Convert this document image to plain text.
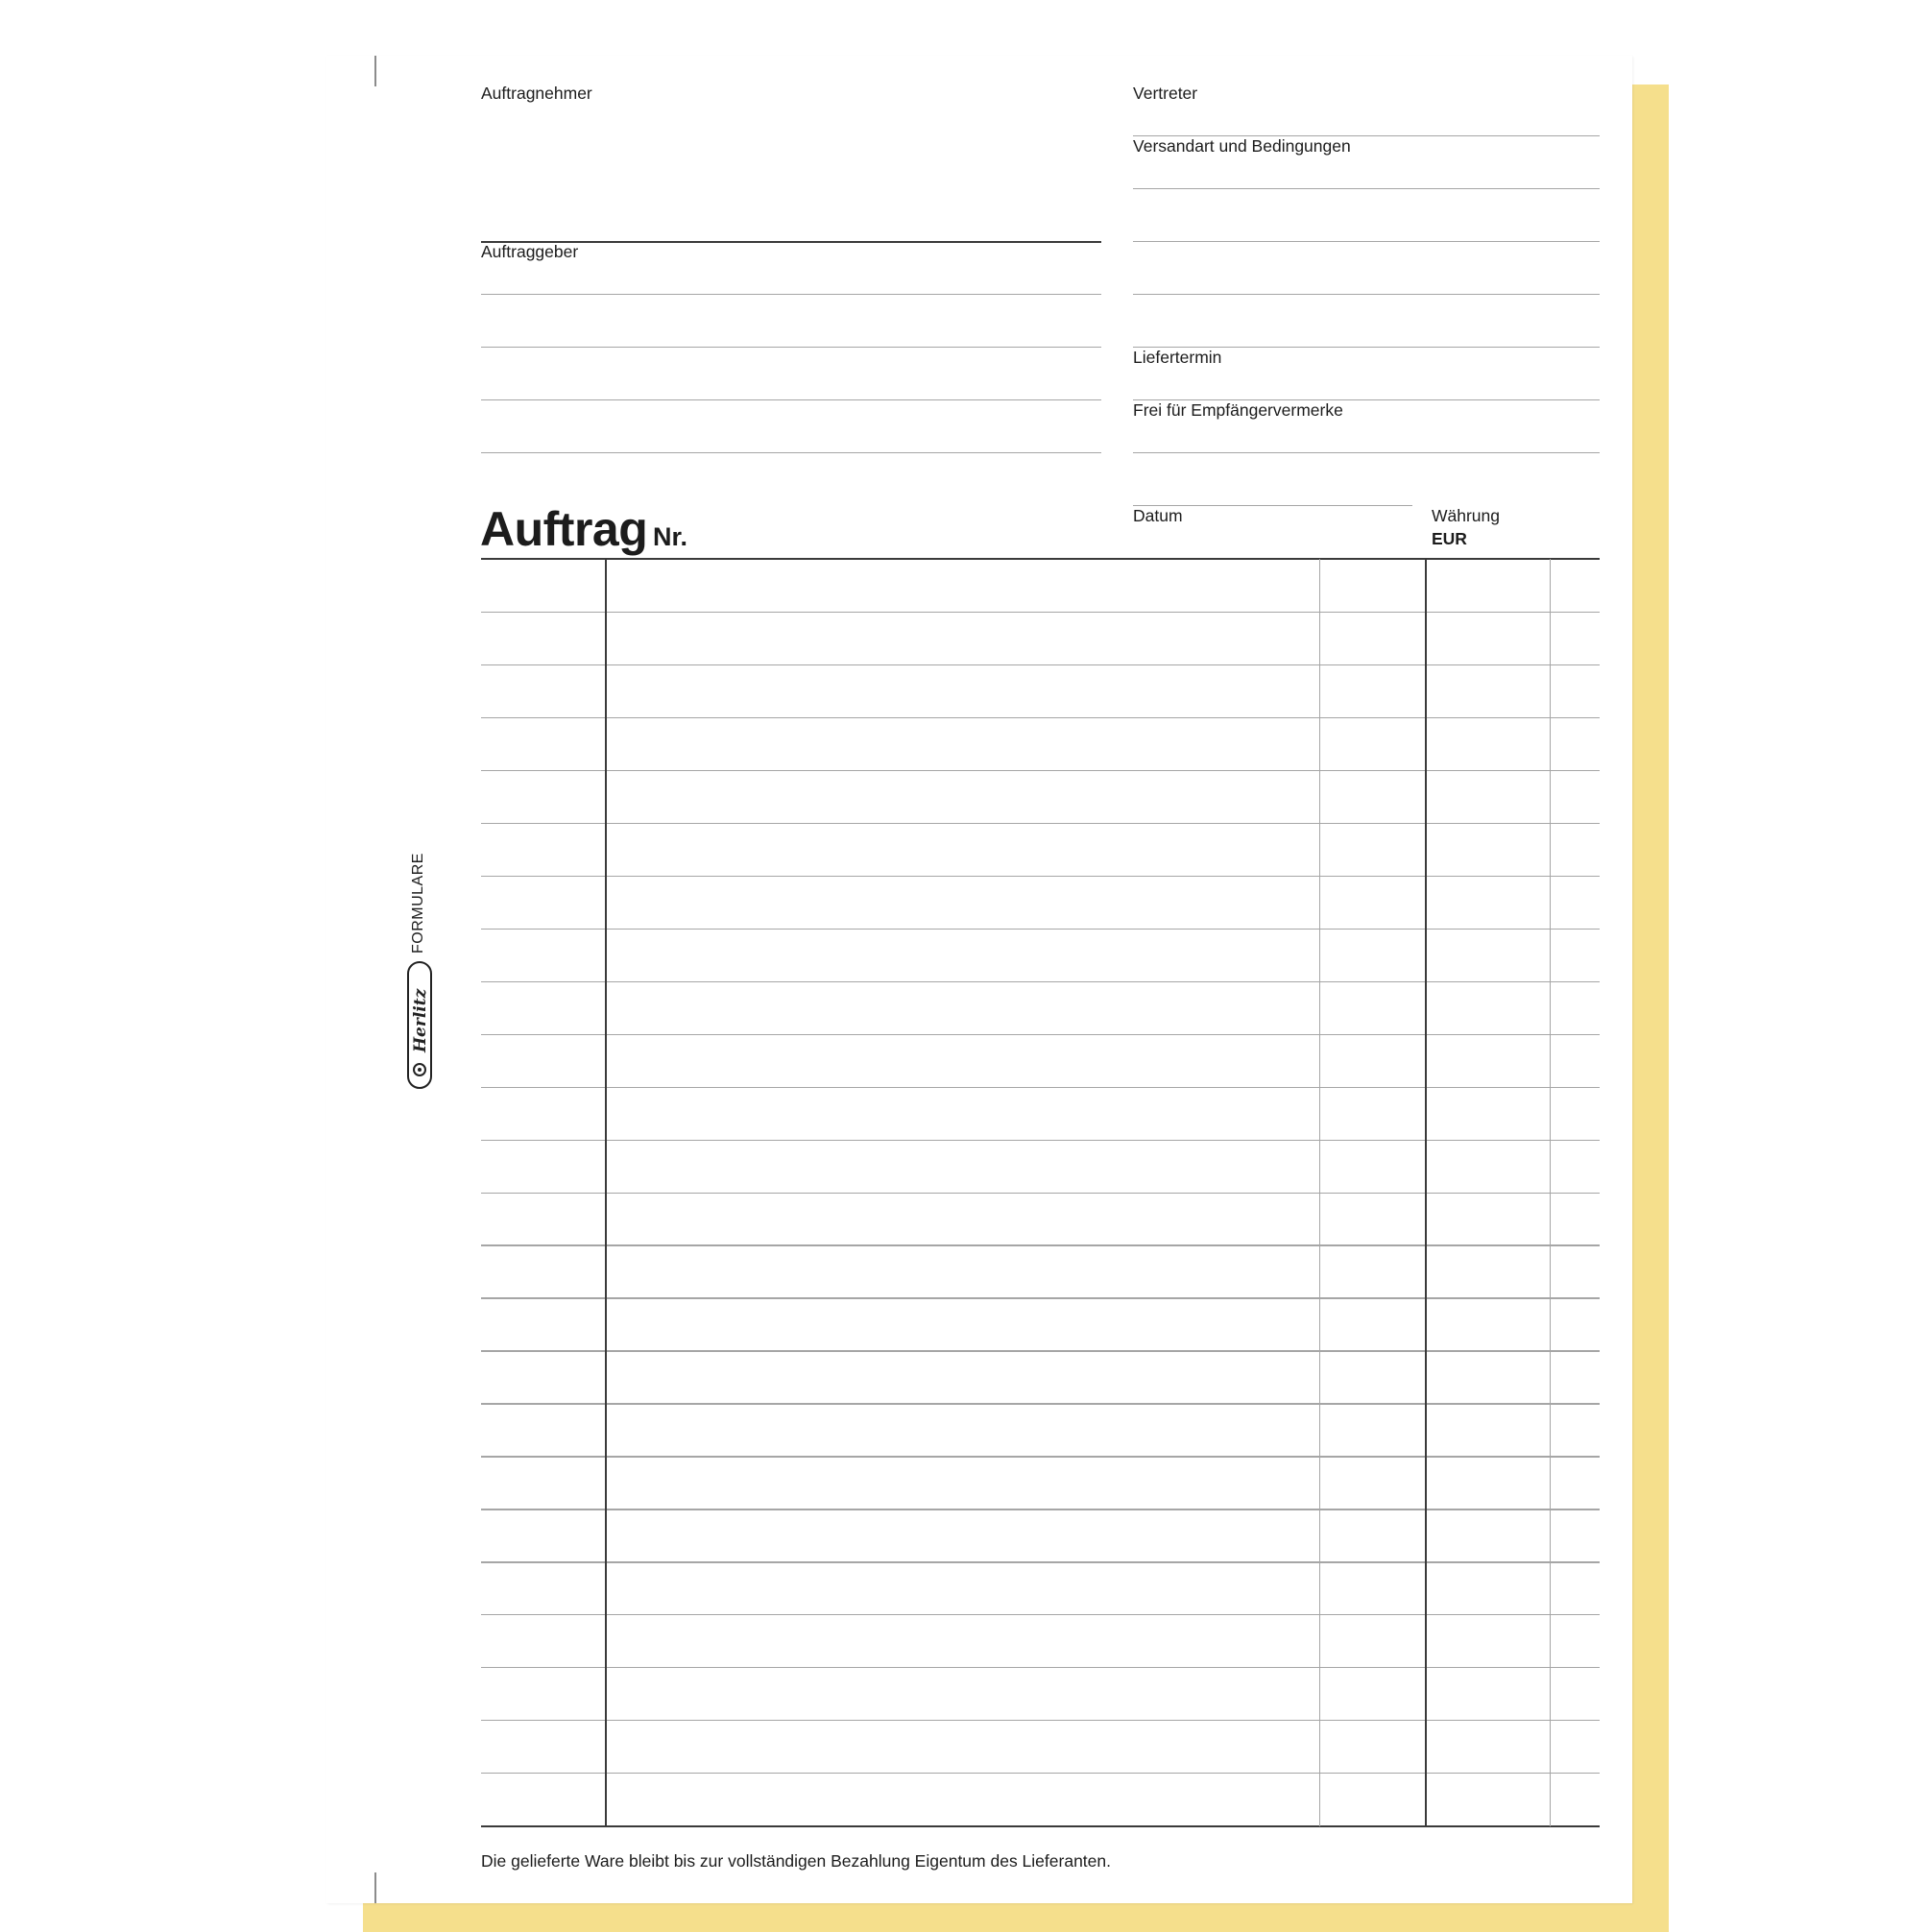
Auftragnehmer
Auftraggeber
Vertreter
Versandart und Bedingungen
Liefertermin
Frei für Empfängervermerke
Datum	Währung
EUR
Auftrag Nr.
Die gelieferte Ware bleibt bis zur vollständigen Bezahlung Eigentum des Lieferanten.
Herlitz
FORMULARE
